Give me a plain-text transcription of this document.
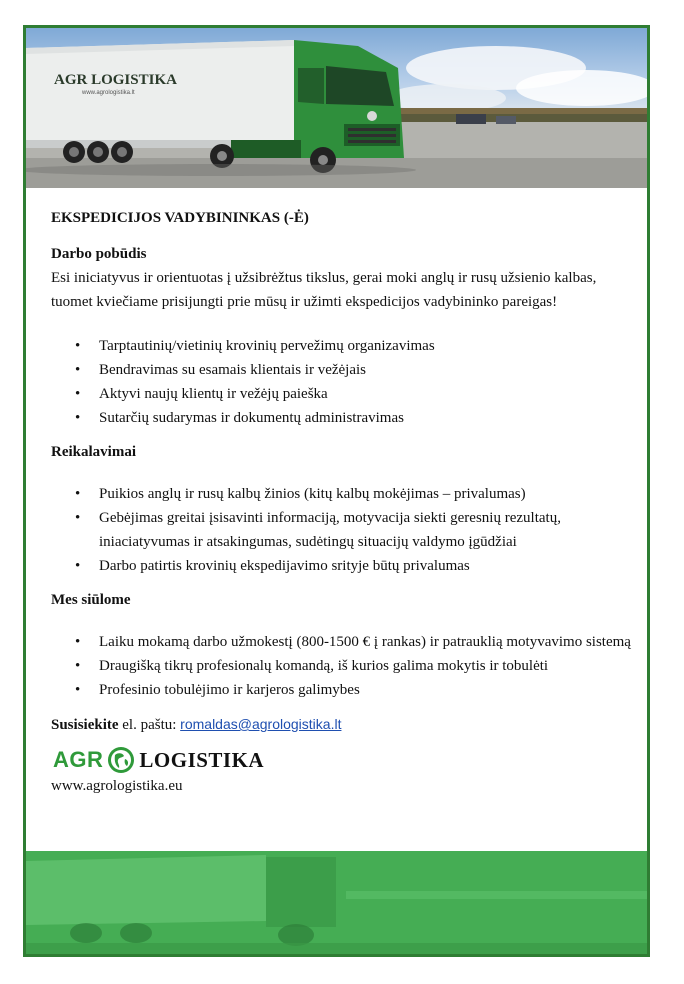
AGR LOGISTIKA
www.agrologistika.lt
EKSPEDICIJOS VADYBININKAS (-Ė)
Darbo pobūdis
Esi iniciatyvus ir orientuotas į užsibrėžtus tikslus, gerai moki anglų ir rusų užsienio kalbas, tuomet kviečiame prisijungti prie mūsų ir užimti ekspedicijos vadybininko pareigas!
• Tarptautinių/vietinių krovinių pervežimų organizavimas
• Bendravimas su esamais klientais ir vežėjais
• Aktyvi naujų klientų ir vežėjų paieška
• Sutarčių sudarymas ir dokumentų administravimas
Reikalavimai
• Puikios anglų ir rusų kalbų žinios (kitų kalbų mokėjimas – privalumas)
• Gebėjimas greitai įsisavinti informaciją, motyvacija siekti geresnių rezultatų, iniaciatyvumas ir atsakingumas, sudėtingų situacijų valdymo įgūdžiai
• Darbo patirtis krovinių ekspedijavimo srityje būtų privalumas
Mes siūlome
• Laiku mokamą darbo užmokestį (800-1500 € į rankas) ir patrauklią motyvavimo sistemą
• Draugišką tikrų profesionalų komandą, iš kurios galima mokytis ir tobulėti
• Profesinio tobulėjimo ir karjeros galimybes
Susisiekite el. paštu: romaldas@agrologistika.lt
AGR LOGISTIKA
www.agrologistika.eu
